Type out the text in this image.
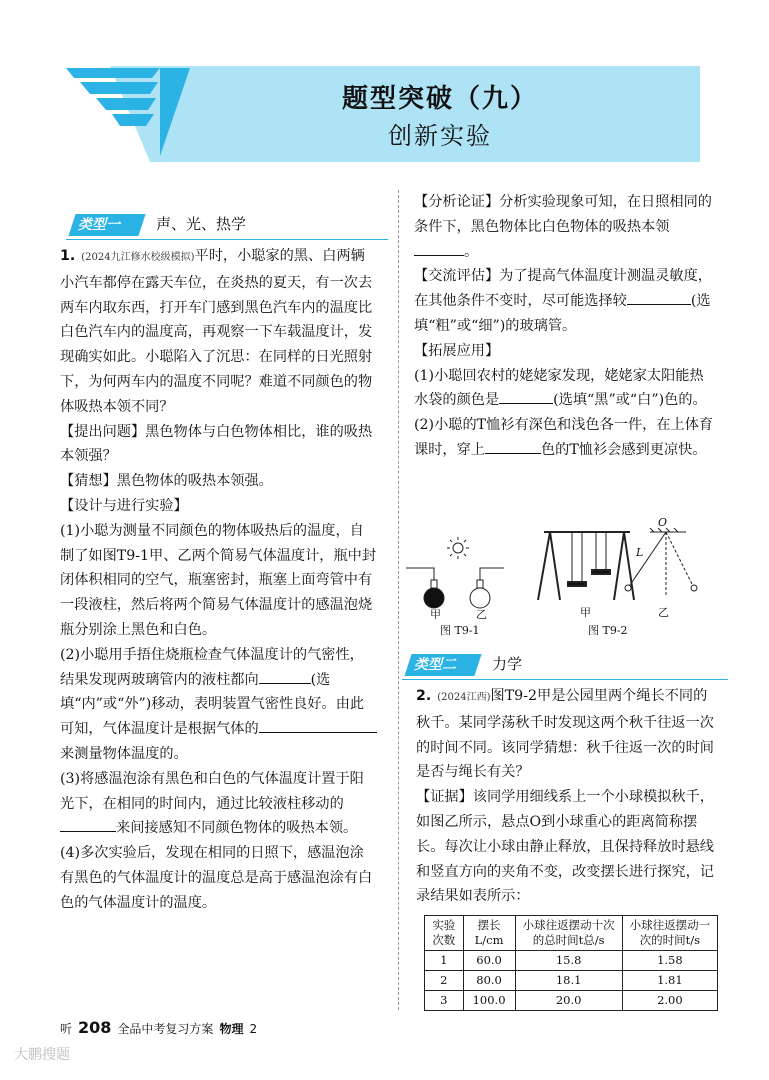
题型突破（九）
创新实验
类型一 声、光、热学

1. (2024九江修水校级模拟)平时，小聪家的黑、白两辆小汽车都停在露天车位，在炎热的夏天，有一次去两车内取东西，打开车门感到黑色汽车内的温度比白色汽车内的温度高，再观察一下车载温度计，发现确实如此。小聪陷入了沉思：在同样的日光照射下，为何两车内的温度不同呢？难道不同颜色的物体吸热本领不同？

【提出问题】黑色物体与白色物体相比，谁的吸热本领强？

【猜想】黑色物体的吸热本领强。

【设计与进行实验】

(1)小聪为测量不同颜色的物体吸热后的温度，自制了如图T9-1甲、乙两个简易气体温度计，瓶中封闭体积相同的空气，瓶塞密封，瓶塞上面弯管中有一段液柱，然后将两个简易气体温度计的感温泡烧瓶分别涂上黑色和白色。

(2)小聪用手捂住烧瓶检查气体温度计的气密性，结果发现两玻璃管内的液柱都向	(选填“内”或“外”)移动，表明装置气密性良好。由此可知，气体温度计是根据气体的来测量物体温度的。

(3)将感温泡涂有黑色和白色的气体温度计置于阳光下，在相同的时间内，通过比较液柱移动的来间接感知不同颜色物体的吸热本领。

(4)多次实验后，发现在相同的日照下，感温泡涂有黑色的气体温度计的温度总是高于感温泡涂有白色的气体温度计的温度。

【分析论证】分析实验现象可知，在日照相同的条件下，黑色物体比白色物体的吸热本领。

【交流评估】为了提高气体温度计测温灵敏度，在其他条件不变时，尽可能选择较	(选填“粗”或“细”)的玻璃管。

【拓展应用】

(1)小聪回农村的姥姥家发现，姥姥家太阳能热水袋的颜色是	(选填“黑”或“白”)色的。

(2)小聪的T恤衫有深色和浅色各一件，在上体育课时，穿上	色的T恤衫会感到更凉快。

甲	乙
图 T9-1
甲	乙
图 T9-2
O
L
类型二 力学

2. (2024江西)图T9-2甲是公园里两个绳长不同的秋千。某同学荡秋千时发现这两个秋千往返一次的时间不同。该同学猜想：秋千往返一次的时间是否与绳长有关？

【证据】该同学用细线系上一个小球模拟秋千，如图乙所示，悬点O到小球重心的距离简称摆长。每次让小球由静止释放，且保持释放时悬线和竖直方向的夹角不变，改变摆长进行探究，记录结果如表所示：

实验次数	摆长L/cm	小球往返摆动十次的总时间t总/s	小球往返摆动一次的时间t/s
1	60.0	15.8	1.58
2	80.0	18.1	1.81
3	100.0	20.0	2.00
听 208 全品中考复习方案 物理 2
大鹏搜题
